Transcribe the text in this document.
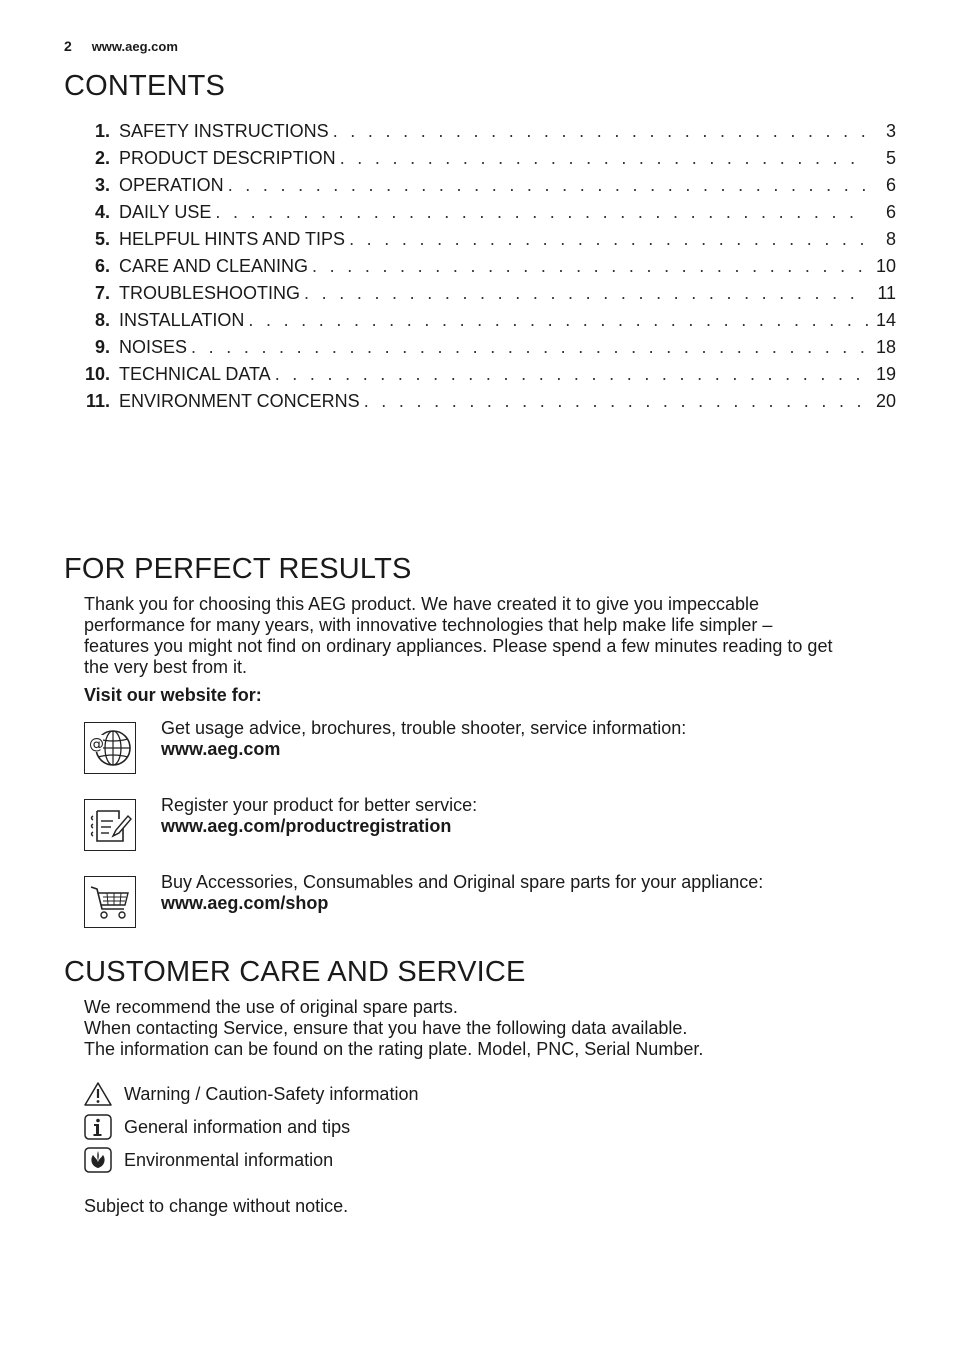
2 www.aeg.com
CONTENTS
1. SAFETY INSTRUCTIONS . . .	3
2. PRODUCT DESCRIPTION . . .	5
3. OPERATION . . .	6
4. DAILY USE . . .	6
5. HELPFUL HINTS AND TIPS . . .	8
6. CARE AND CLEANING . . .	10
7. TROUBLESHOOTING . . .	11
8. INSTALLATION . . .	14
9. NOISES . . .	18
10. TECHNICAL DATA . . .	19
11. ENVIRONMENT CONCERNS . . .	20
FOR PERFECT RESULTS
Thank you for choosing this AEG product. We have created it to give you impeccable
performance for many years, with innovative technologies that help make life simpler –
features you might not find on ordinary appliances. Please spend a few minutes reading to get
the very best from it.
Visit our website for:
@
Get usage advice, brochures, trouble shooter, service information:
www.aeg.com
Register your product for better service:
www.aeg.com/productregistration
Buy Accessories, Consumables and Original spare parts for your appliance:
www.aeg.com/shop
CUSTOMER CARE AND SERVICE
We recommend the use of original spare parts.
When contacting Service, ensure that you have the following data available.
The information can be found on the rating plate. Model, PNC, Serial Number.
Warning / Caution-Safety information
General information and tips
Environmental information
Subject to change without notice.
